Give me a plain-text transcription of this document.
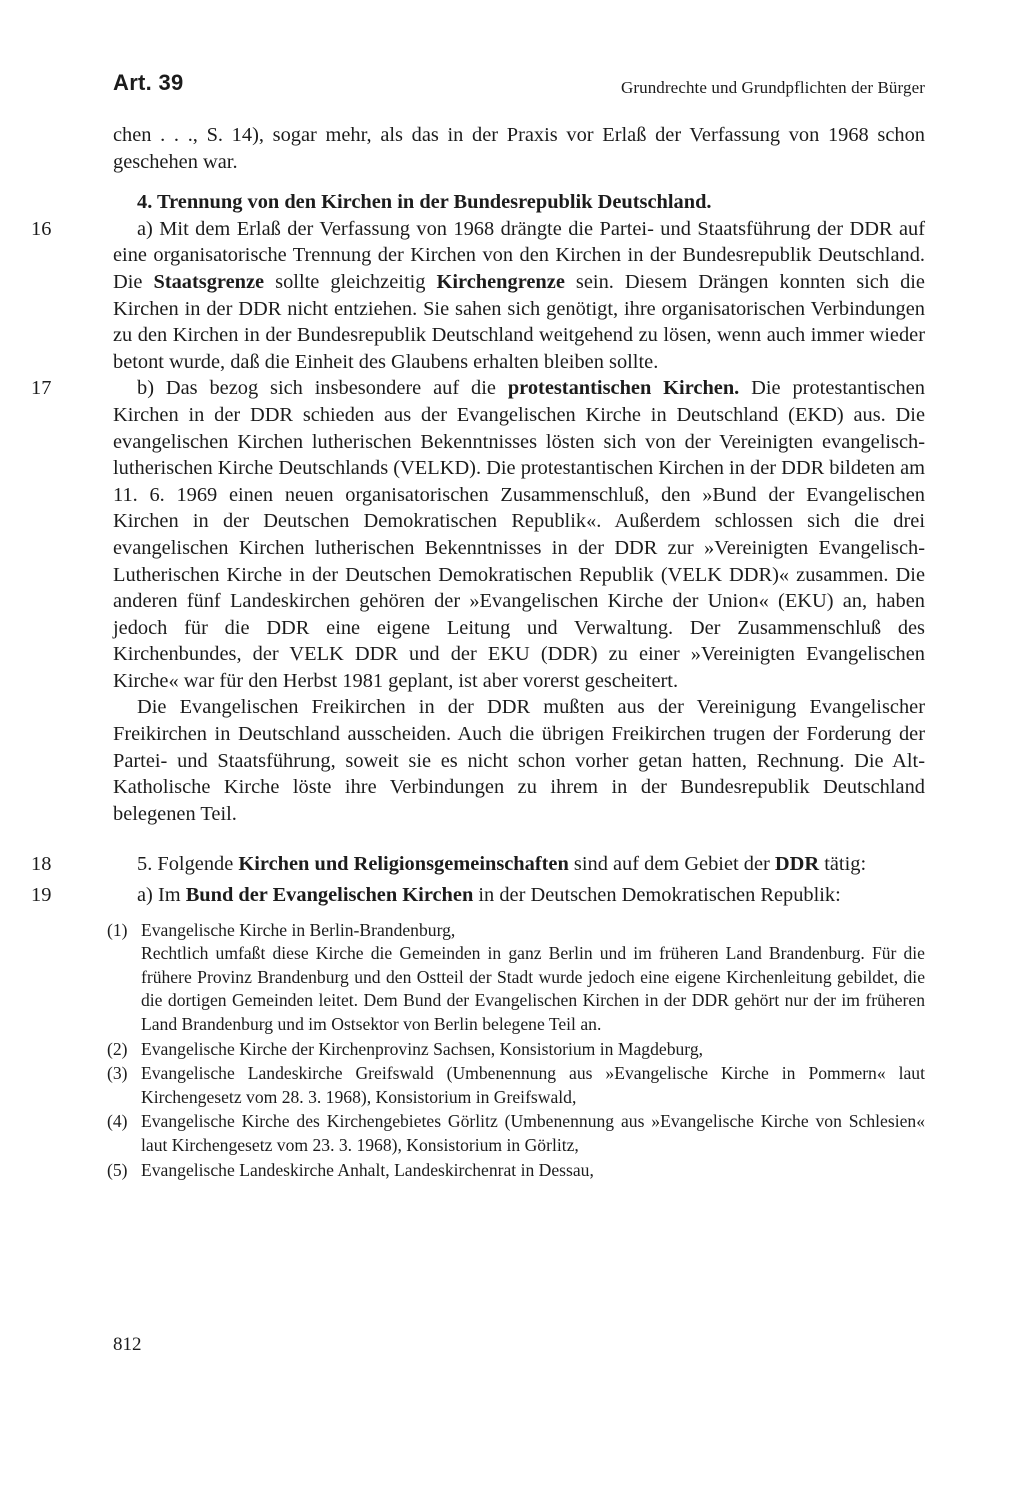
Art. 39	Grundrechte und Grundpflichten der Bürger

chen . . ., S. 14), sogar mehr, als das in der Praxis vor Erlaß der Verfassung von 1968 schon geschehen war.

4. Trennung von den Kirchen in der Bundesrepublik Deutschland.

16	a) Mit dem Erlaß der Verfassung von 1968 drängte die Partei- und Staatsführung der DDR auf eine organisatorische Trennung der Kirchen von den Kirchen in der Bundesrepublik Deutschland. Die Staatsgrenze sollte gleichzeitig Kirchengrenze sein. Diesem Drängen konnten sich die Kirchen in der DDR nicht entziehen. Sie sahen sich genötigt, ihre organisatorischen Verbindungen zu den Kirchen in der Bundesrepublik Deutschland weitgehend zu lösen, wenn auch immer wieder betont wurde, daß die Einheit des Glaubens erhalten bleiben sollte.

17	b) Das bezog sich insbesondere auf die protestantischen Kirchen. Die protestantischen Kirchen in der DDR schieden aus der Evangelischen Kirche in Deutschland (EKD) aus. Die evangelischen Kirchen lutherischen Bekenntnisses lösten sich von der Vereinigten evangelisch-lutherischen Kirche Deutschlands (VELKD). Die protestantischen Kirchen in der DDR bildeten am 11. 6. 1969 einen neuen organisatorischen Zusammenschluß, den »Bund der Evangelischen Kirchen in der Deutschen Demokratischen Republik«. Außerdem schlossen sich die drei evangelischen Kirchen lutherischen Bekenntnisses in der DDR zur »Vereinigten Evangelisch-Lutherischen Kirche in der Deutschen Demokratischen Republik (VELK DDR)« zusammen. Die anderen fünf Landeskirchen gehören der »Evangelischen Kirche der Union« (EKU) an, haben jedoch für die DDR eine eigene Leitung und Verwaltung. Der Zusammenschluß des Kirchenbundes, der VELK DDR und der EKU (DDR) zu einer »Vereinigten Evangelischen Kirche« war für den Herbst 1981 geplant, ist aber vorerst gescheitert.

Die Evangelischen Freikirchen in der DDR mußten aus der Vereinigung Evangelischer Freikirchen in Deutschland ausscheiden. Auch die übrigen Freikirchen trugen der Forderung der Partei- und Staatsführung, soweit sie es nicht schon vorher getan hatten, Rechnung. Die Alt-Katholische Kirche löste ihre Verbindungen zu ihrem in der Bundesrepublik Deutschland belegenen Teil.

18	5. Folgende Kirchen und Religionsgemeinschaften sind auf dem Gebiet der DDR tätig:

19	a) Im Bund der Evangelischen Kirchen in der Deutschen Demokratischen Republik:

(1) Evangelische Kirche in Berlin-Brandenburg,
Rechtlich umfaßt diese Kirche die Gemeinden in ganz Berlin und im früheren Land Brandenburg. Für die frühere Provinz Brandenburg und den Ostteil der Stadt wurde jedoch eine eigene Kirchenleitung gebildet, die die dortigen Gemeinden leitet. Dem Bund der Evangelischen Kirchen in der DDR gehört nur der im früheren Land Brandenburg und im Ostsektor von Berlin belegene Teil an.
(2) Evangelische Kirche der Kirchenprovinz Sachsen, Konsistorium in Magdeburg,
(3) Evangelische Landeskirche Greifswald (Umbenennung aus »Evangelische Kirche in Pommern« laut Kirchengesetz vom 28. 3. 1968), Konsistorium in Greifswald,
(4) Evangelische Kirche des Kirchengebietes Görlitz (Umbenennung aus »Evangelische Kirche von Schlesien« laut Kirchengesetz vom 23. 3. 1968), Konsistorium in Görlitz,
(5) Evangelische Landeskirche Anhalt, Landeskirchenrat in Dessau,
812
